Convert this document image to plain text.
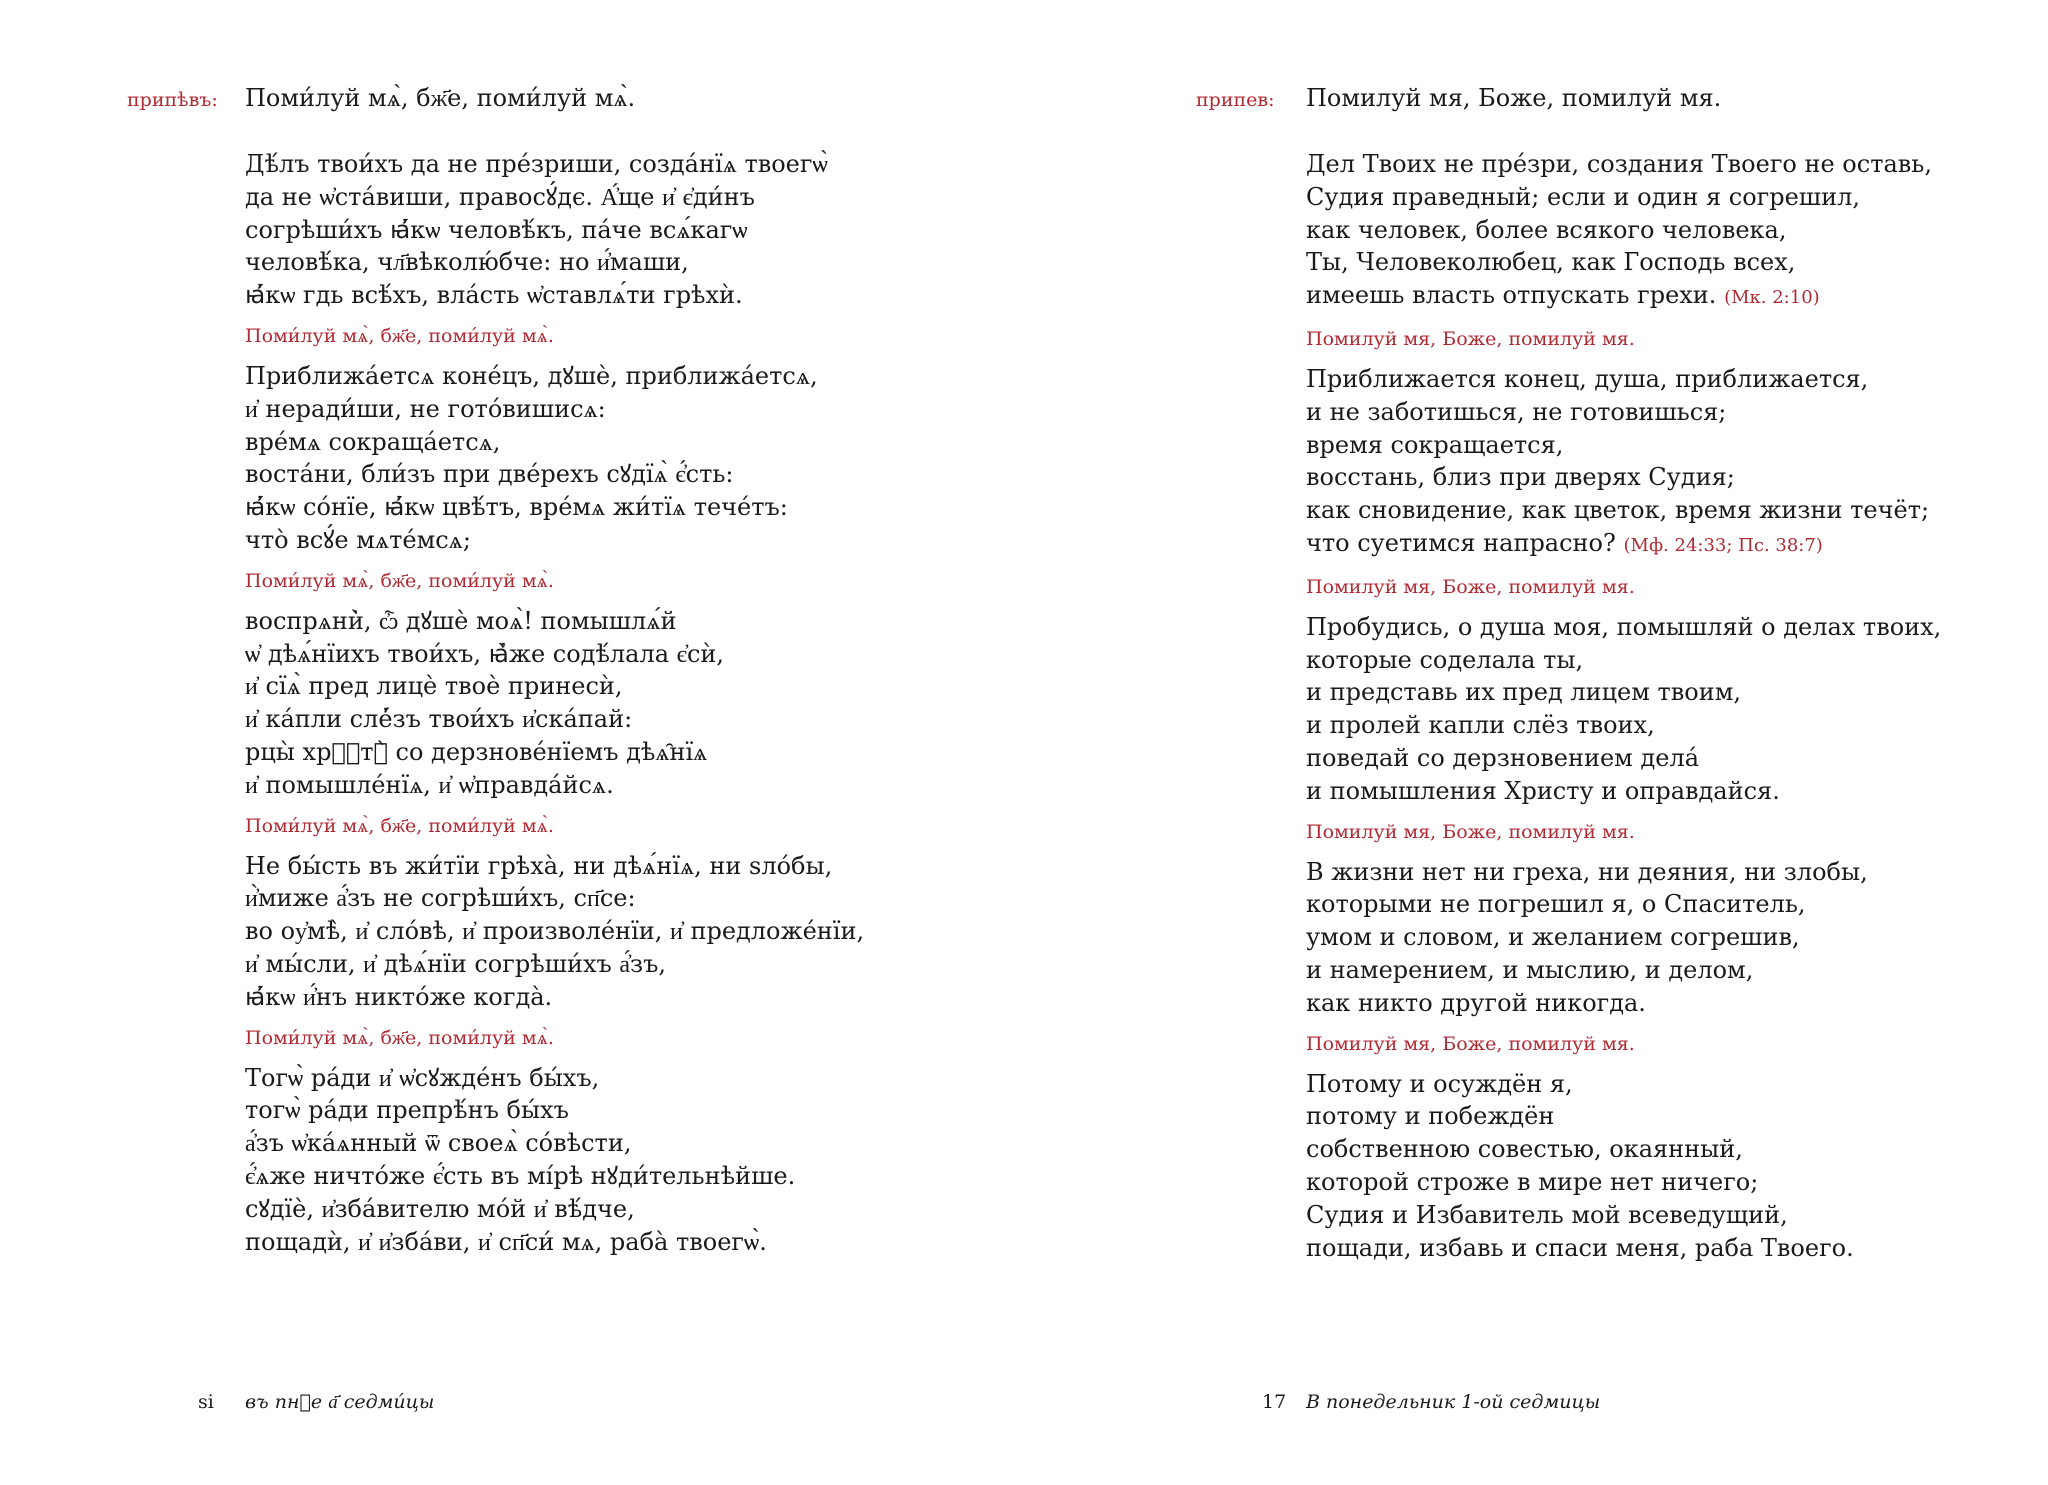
припѣвъ: Поми́луй мѧ̀, бж҃е, поми́луй мѧ̀.
Дѣ́лъ твои́хъ да не пре́зриши, созда́нїѧ твоегѡ̀
да не ѡ҆ста́виши, правосꙋ́дє. А҆́ще и҆ є҆ди́нъ
согрѣши́хъ ꙗ҆́кѡ человѣ́къ, па́че всѧ́кагѡ
человѣ́ка, чл҃вѣколю́бче: но и҆́маши,
ꙗ҆́кѡ гдь всѣ́хъ, вла́сть ѡ҆ставлѧ́ти грѣхѝ.
Поми́луй мѧ̀, бж҃е, поми́луй мѧ̀.
Приближа́етсѧ коне́цъ, дꙋшѐ, приближа́етсѧ,
и҆ неради́ши, не гото́вишисѧ:
вре́мѧ сокраща́етсѧ,
воста́ни, бли́зъ при две́рехъ сꙋдїѧ̀ є҆́сть:
ꙗ҆́кѡ со́нїе, ꙗ҆́кѡ цвѣ́тъ, вре́мѧ жи́тїѧ тече́тъ:
что̀ всꙋ́е мѧте́мсѧ;
Поми́луй мѧ̀, бж҃е, поми́луй мѧ̀.
воспрѧни̇̀, ѽ дꙋшѐ моѧ̀! помышлѧ́й
ѡ҆ дѣѧ́нїихъ твои́хъ, ꙗ҆̀же содѣ́лала є҆сѝ,
и҆ сїѧ̀ пред лицѐ твоѐ принесѝ,
и҆ ка́пли слe̓́зъ твои́хъ и҆ска́пай:
рцы̀ хрⷭ҇тꙋ̀ со дерзнове́нїемъ дѣѧ̑нїѧ
и҆ помышле́нїѧ, и҆ ѡ҆правда́йсѧ.
Поми́луй мѧ̀, бж҃е, поми́луй мѧ̀.
Не бы́сть въ жи́тїи грѣха̀, ни дѣѧ́нїѧ, ни ѕло́бы,
и҆̀миже а҆́зъ не согрѣши́хъ, сп҃се:
во оу҆мѣ̀, и҆ сло́вѣ, и҆ произволе́нїи, и҆ предложе́нїи,
и҆ мы́сли, и҆ дѣѧ́нїи согрѣши́хъ а҆́зъ,
ꙗ҆́кѡ и҆́нъ никто́же когда̀.
Поми́луй мѧ̀, бж҃е, поми́луй мѧ̀.
Тогѡ̀ ра́ди и҆ ѡ҆сꙋжде́нъ бы́хъ,
тогѡ̀ ра́ди препрѣ́нъ бы́хъ
а҆́зъ ѡ҆ка́ѧнный ѿ своеѧ̀ со́вѣсти,
є҆́ѧже ничто́же є҆́сть въ мі́рѣ нꙋди́тельнѣйше.
сꙋдїѐ, и҆зба́вителю мо́й и҆ вѣ́дче,
пощадѝ, и҆ и҆зба́ви, и҆ сп҃си́ мѧ, раба̀ твоегѡ̀.
ѕі въ пнⷣе а҃ седми́цы
припев: Помилуй мя, Боже, помилуй мя.
Дел Твоих не пре́зри, создания Твоего не оставь,
Судия праведный; если и один я согрешил,
как человек, более всякого человека,
Ты, Человеколюбец, как Господь всех,
имеешь власть отпускать грехи. (Мк. 2:10)
Помилуй мя, Боже, помилуй мя.
Приближается конец, душа, приближается,
и не заботишься, не готовишься;
время сокращается,
восстань, близ при дверях Судия;
как сновидение, как цветок, время жизни течёт;
что суетимся напрасно? (Мф. 24:33; Пс. 38:7)
Помилуй мя, Боже, помилуй мя.
Пробудись, о душа моя, помышляй о делах твоих,
которые соделала ты,
и представь их пред лицем твоим,
и пролей капли слёз твоих,
поведай со дерзновением дела́
и помышления Христу и оправдайся.
Помилуй мя, Боже, помилуй мя.
В жизни нет ни греха, ни деяния, ни злобы,
которыми не погрешил я, о Спаситель,
умом и словом, и желанием согрешив,
и намерением, и мыслию, и делом,
как никто другой никогда.
Помилуй мя, Боже, помилуй мя.
Потому и осуждён я,
потому и побеждён
собственною совестью, окаянный,
которой строже в мире нет ничего;
Судия и Избавитель мой всеведущий,
пощади, избавь и спаси меня, раба Твоего.
17 В понедельник 1-ой седмицы
